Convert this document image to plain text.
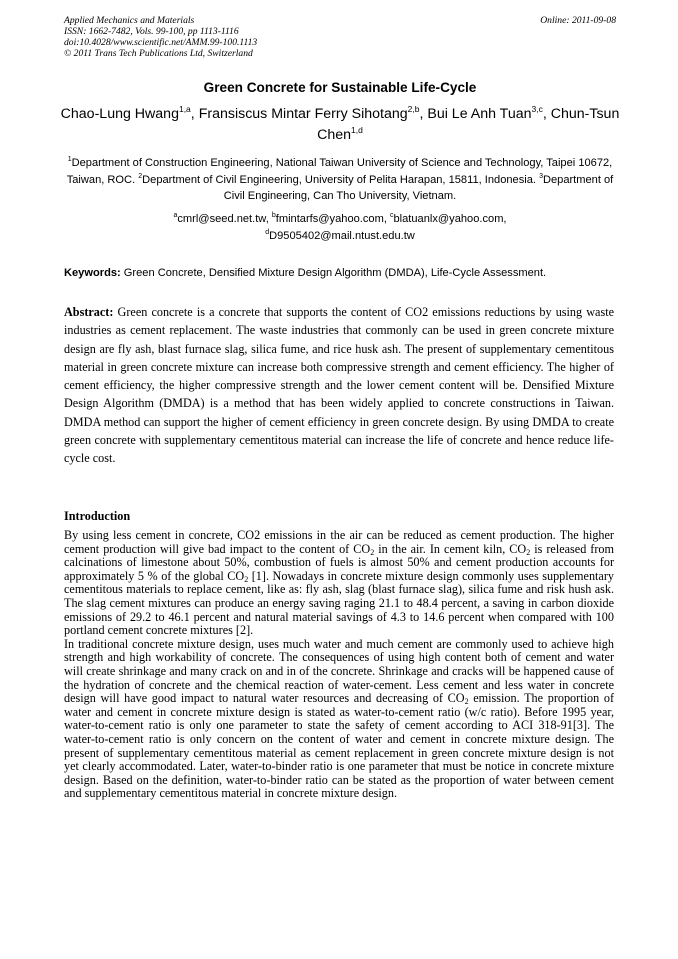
Applied Mechanics and Materials
ISSN: 1662-7482, Vols. 99-100, pp 1113-1116
doi:10.4028/www.scientific.net/AMM.99-100.1113
© 2011 Trans Tech Publications Ltd, Switzerland
Online: 2011-09-08
Green Concrete for Sustainable Life-Cycle
Chao-Lung Hwang$^{1,a}$, Fransiscus Mintar Ferry Sihotang$^{2,b}$, Bui Le Anh Tuan$^{3,c}$, Chun-Tsun Chen$^{1,d}$
$^1$Department of Construction Engineering, National Taiwan University of Science and Technology, Taipei 10672, Taiwan, ROC. $^2$Department of Civil Engineering, University of Pelita Harapan, 15811, Indonesia. $^3$Department of Civil Engineering, Can Tho University, Vietnam.
$^a$cmrl@seed.net.tw, $^b$fmintarfs@yahoo.com, $^c$blatuanlx@yahoo.com,
$^d$D9505402@mail.ntust.edu.tw
Keywords: Green Concrete, Densified Mixture Design Algorithm (DMDA), Life-Cycle Assessment.
Abstract: Green concrete is a concrete that supports the content of CO2 emissions reductions by using waste industries as cement replacement. The waste industries that commonly can be used in green concrete mixture design are fly ash, blast furnace slag, silica fume, and rice husk ash. The present of supplementary cementitous material in green concrete mixture can increase both compressive strength and cement efficiency. The higher of cement efficiency, the higher compressive strength and the lower cement content will be. Densified Mixture Design Algorithm (DMDA) is a method that has been widely applied to concrete constructions in Taiwan. DMDA method can support the higher of cement efficiency in green concrete design. By using DMDA to create green concrete with supplementary cementitous material can increase the life of concrete and hence reduce life-cycle cost.
Introduction

By using less cement in concrete, CO2 emissions in the air can be reduced as cement production. The higher cement production will give bad impact to the content of $CO_2$ in the air. In cement kiln, $CO_2$ is released from calcinations of limestone about 50%, combustion of fuels is almost 50% and cement production accounts for approximately 5 % of the global $CO_2$ [1]. Nowadays in concrete mixture design commonly uses supplementary cementitous materials to replace cement, like as: fly ash, slag (blast furnace slag), silica fume and risk hush ask. The slag cement mixtures can produce an energy saving raging 21.1 to 48.4 percent, a saving in carbon dioxide emissions of 29.2 to 46.1 percent and natural material savings of 4.3 to 14.6 percent when compared with 100 portland cement concrete mixtures [2].

In traditional concrete mixture design, uses much water and much cement are commonly used to achieve high strength and high workability of concrete. The consequences of using high content both of cement and water will create shrinkage and many crack on and in of the concrete. Shrinkage and cracks will be happened cause of the hydration of concrete and the chemical reaction of water-cement. Less cement and less water in concrete design will have good impact to natural water resources and decreasing of $CO_2$ emission. The proportion of water and cement in concrete mixture design is stated as water-to-cement ratio (w/c ratio). Before 1995 year, water-to-cement ratio is only one parameter to state the safety of cement according to ACI 318-91[3]. The water-to-cement ratio is only concern on the content of water and cement in concrete mixture design. The present of supplementary cementitous material as cement replacement in green concrete mixture design is not yet clearly accommodated. Later, water-to-binder ratio is one parameter that must be notice in concrete mixture design. Based on the definition, water-to-binder ratio can be stated as the proportion of water between cement and supplementary cementitous material in concrete mixture design.
